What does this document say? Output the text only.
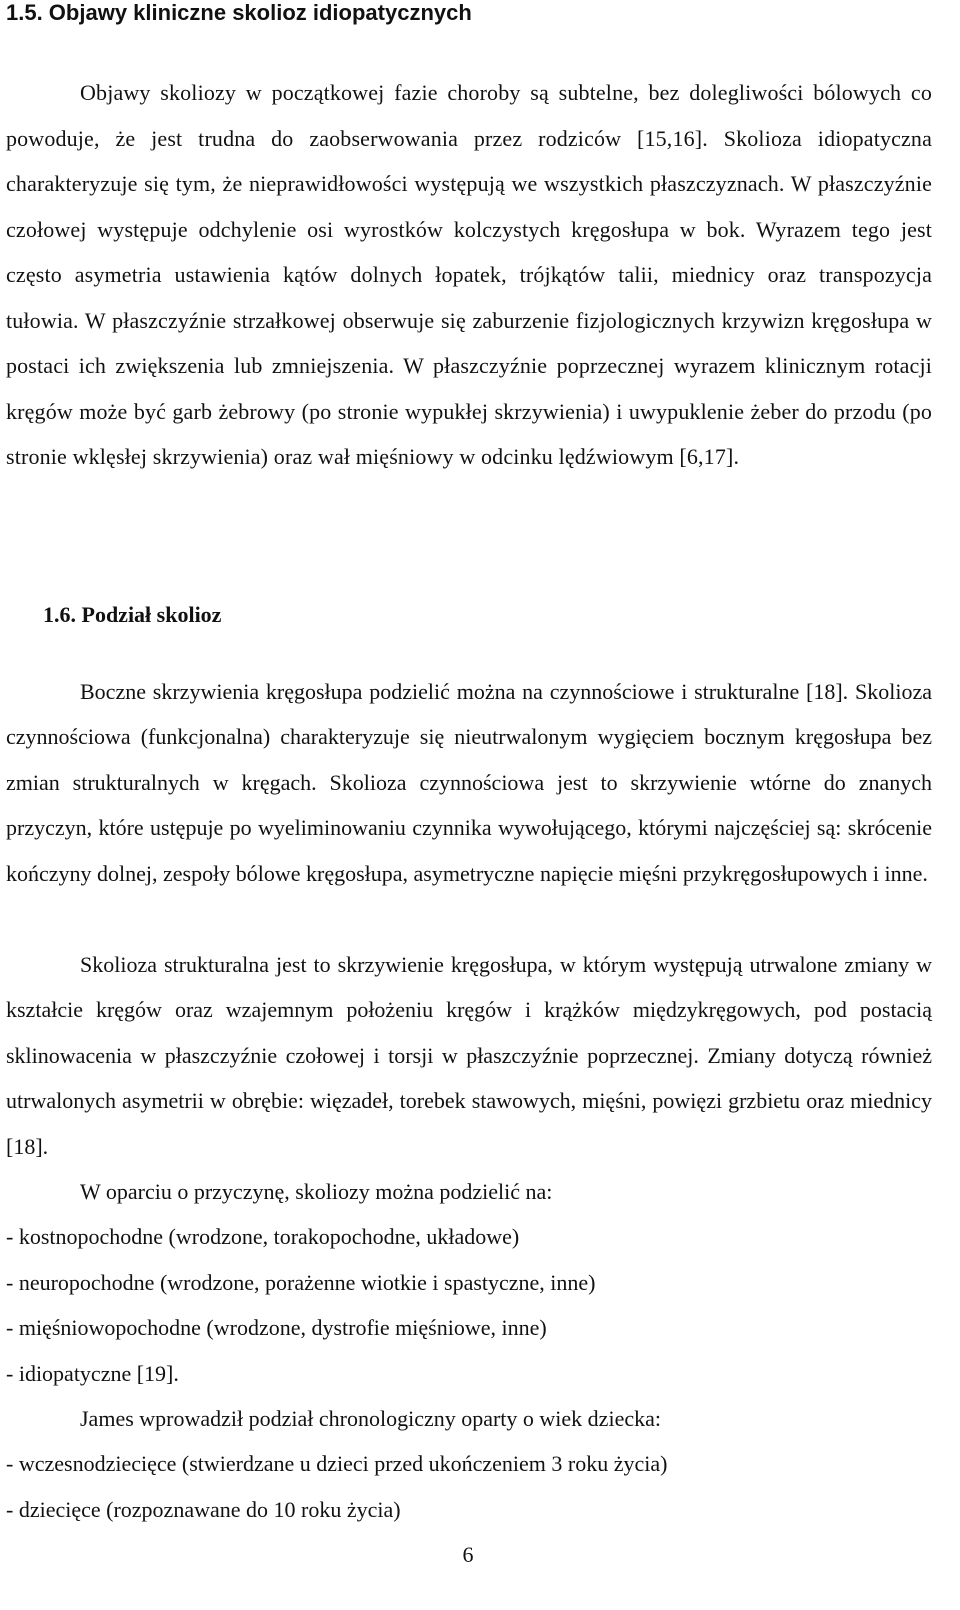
1.5. Objawy kliniczne skolioz idiopatycznych

Objawy skoliozy w początkowej fazie choroby są subtelne, bez dolegliwości bólowych co powoduje, że jest trudna do zaobserwowania przez rodziców [15,16]. Skolioza idiopatyczna charakteryzuje się tym, że nieprawidłowości występują we wszystkich płaszczyznach. W płaszczyźnie czołowej występuje odchylenie osi wyrostków kolczystych kręgosłupa w bok. Wyrazem tego jest często asymetria ustawienia kątów dolnych łopatek, trójkątów talii, miednicy oraz transpozycja tułowia. W płaszczyźnie strzałkowej obserwuje się zaburzenie fizjologicznych krzywizn kręgosłupa w postaci ich zwiększenia lub zmniejszenia. W płaszczyźnie poprzecznej wyrazem klinicznym rotacji kręgów może być garb żebrowy (po stronie wypukłej skrzywienia) i uwypuklenie żeber do przodu (po stronie wklęsłej skrzywienia) oraz wał mięśniowy w odcinku lędźwiowym [6,17].

1.6. Podział skolioz

Boczne skrzywienia kręgosłupa podzielić można na czynnościowe i strukturalne [18]. Skolioza czynnościowa (funkcjonalna) charakteryzuje się nieutrwalonym wygięciem bocznym kręgosłupa bez zmian strukturalnych w kręgach. Skolioza czynnościowa jest to skrzywienie wtórne do znanych przyczyn, które ustępuje po wyeliminowaniu czynnika wywołującego, którymi najczęściej są: skrócenie kończyny dolnej, zespoły bólowe kręgosłupa, asymetryczne napięcie mięśni przykręgosłupowych i inne.

Skolioza strukturalna jest to skrzywienie kręgosłupa, w którym występują utrwalone zmiany w kształcie kręgów oraz wzajemnym położeniu kręgów i krążków międzykręgowych, pod postacią sklinowacenia w płaszczyźnie czołowej i torsji w płaszczyźnie poprzecznej. Zmiany dotyczą również utrwalonych asymetrii w obrębie: więzadeł, torebek stawowych, mięśni, powięzi grzbietu oraz miednicy [18].

W oparciu o przyczynę, skoliozy można podzielić na:

- kostnopochodne (wrodzone, torakopochodne, układowe)

- neuropochodne (wrodzone, porażenne wiotkie i spastyczne, inne)

- mięśniowopochodne (wrodzone, dystrofie mięśniowe, inne)

- idiopatyczne [19].

James wprowadził podział chronologiczny oparty o wiek dziecka:

- wczesnodziecięce (stwierdzane u dzieci przed ukończeniem 3 roku życia)

- dziecięce (rozpoznawane do 10 roku życia)

6
